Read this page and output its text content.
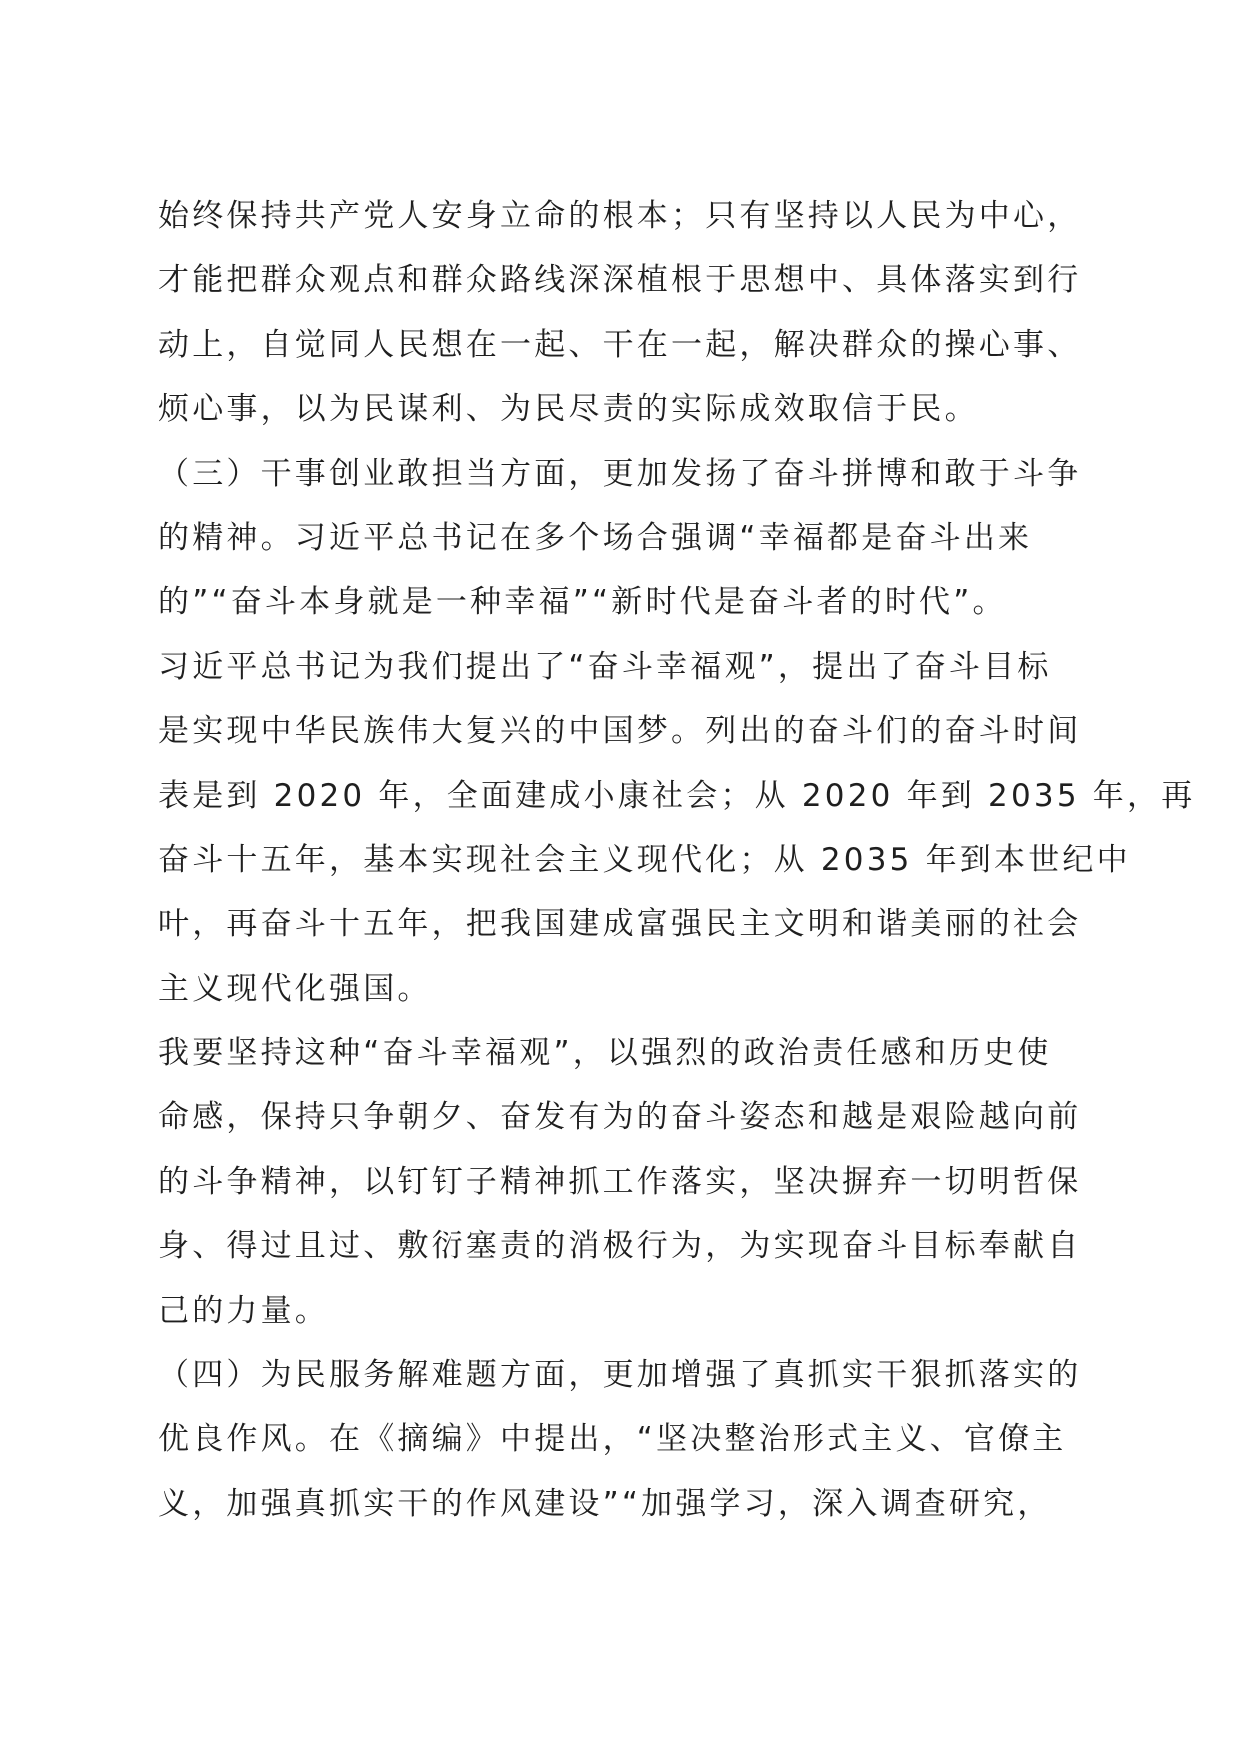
始终保持共产党人安身立命的根本；只有坚持以人民为中心，
才能把群众观点和群众路线深深植根于思想中、具体落实到行
动上，自觉同人民想在一起、干在一起，解决群众的操心事、
烦心事，以为民谋利、为民尽责的实际成效取信于民。
（三）干事创业敢担当方面，更加发扬了奋斗拼博和敢于斗争
的精神。习近平总书记在多个场合强调“幸福都是奋斗出来
的”“奋斗本身就是一种幸福”“新时代是奋斗者的时代”。
习近平总书记为我们提出了“奋斗幸福观”，提出了奋斗目标
是实现中华民族伟大复兴的中国梦。列出的奋斗们的奋斗时间
表是到 2020 年，全面建成小康社会；从 2020 年到 2035 年，再
奋斗十五年，基本实现社会主义现代化；从 2035 年到本世纪中
叶，再奋斗十五年，把我国建成富强民主文明和谐美丽的社会
主义现代化强国。
我要坚持这种“奋斗幸福观”，以强烈的政治责任感和历史使
命感，保持只争朝夕、奋发有为的奋斗姿态和越是艰险越向前
的斗争精神，以钉钉子精神抓工作落实，坚决摒弃一切明哲保
身、得过且过、敷衍塞责的消极行为，为实现奋斗目标奉献自
己的力量。
（四）为民服务解难题方面，更加增强了真抓实干狠抓落实的
优良作风。在《摘编》中提出，“坚决整治形式主义、官僚主
义，加强真抓实干的作风建设”“加强学习，深入调查研究，
